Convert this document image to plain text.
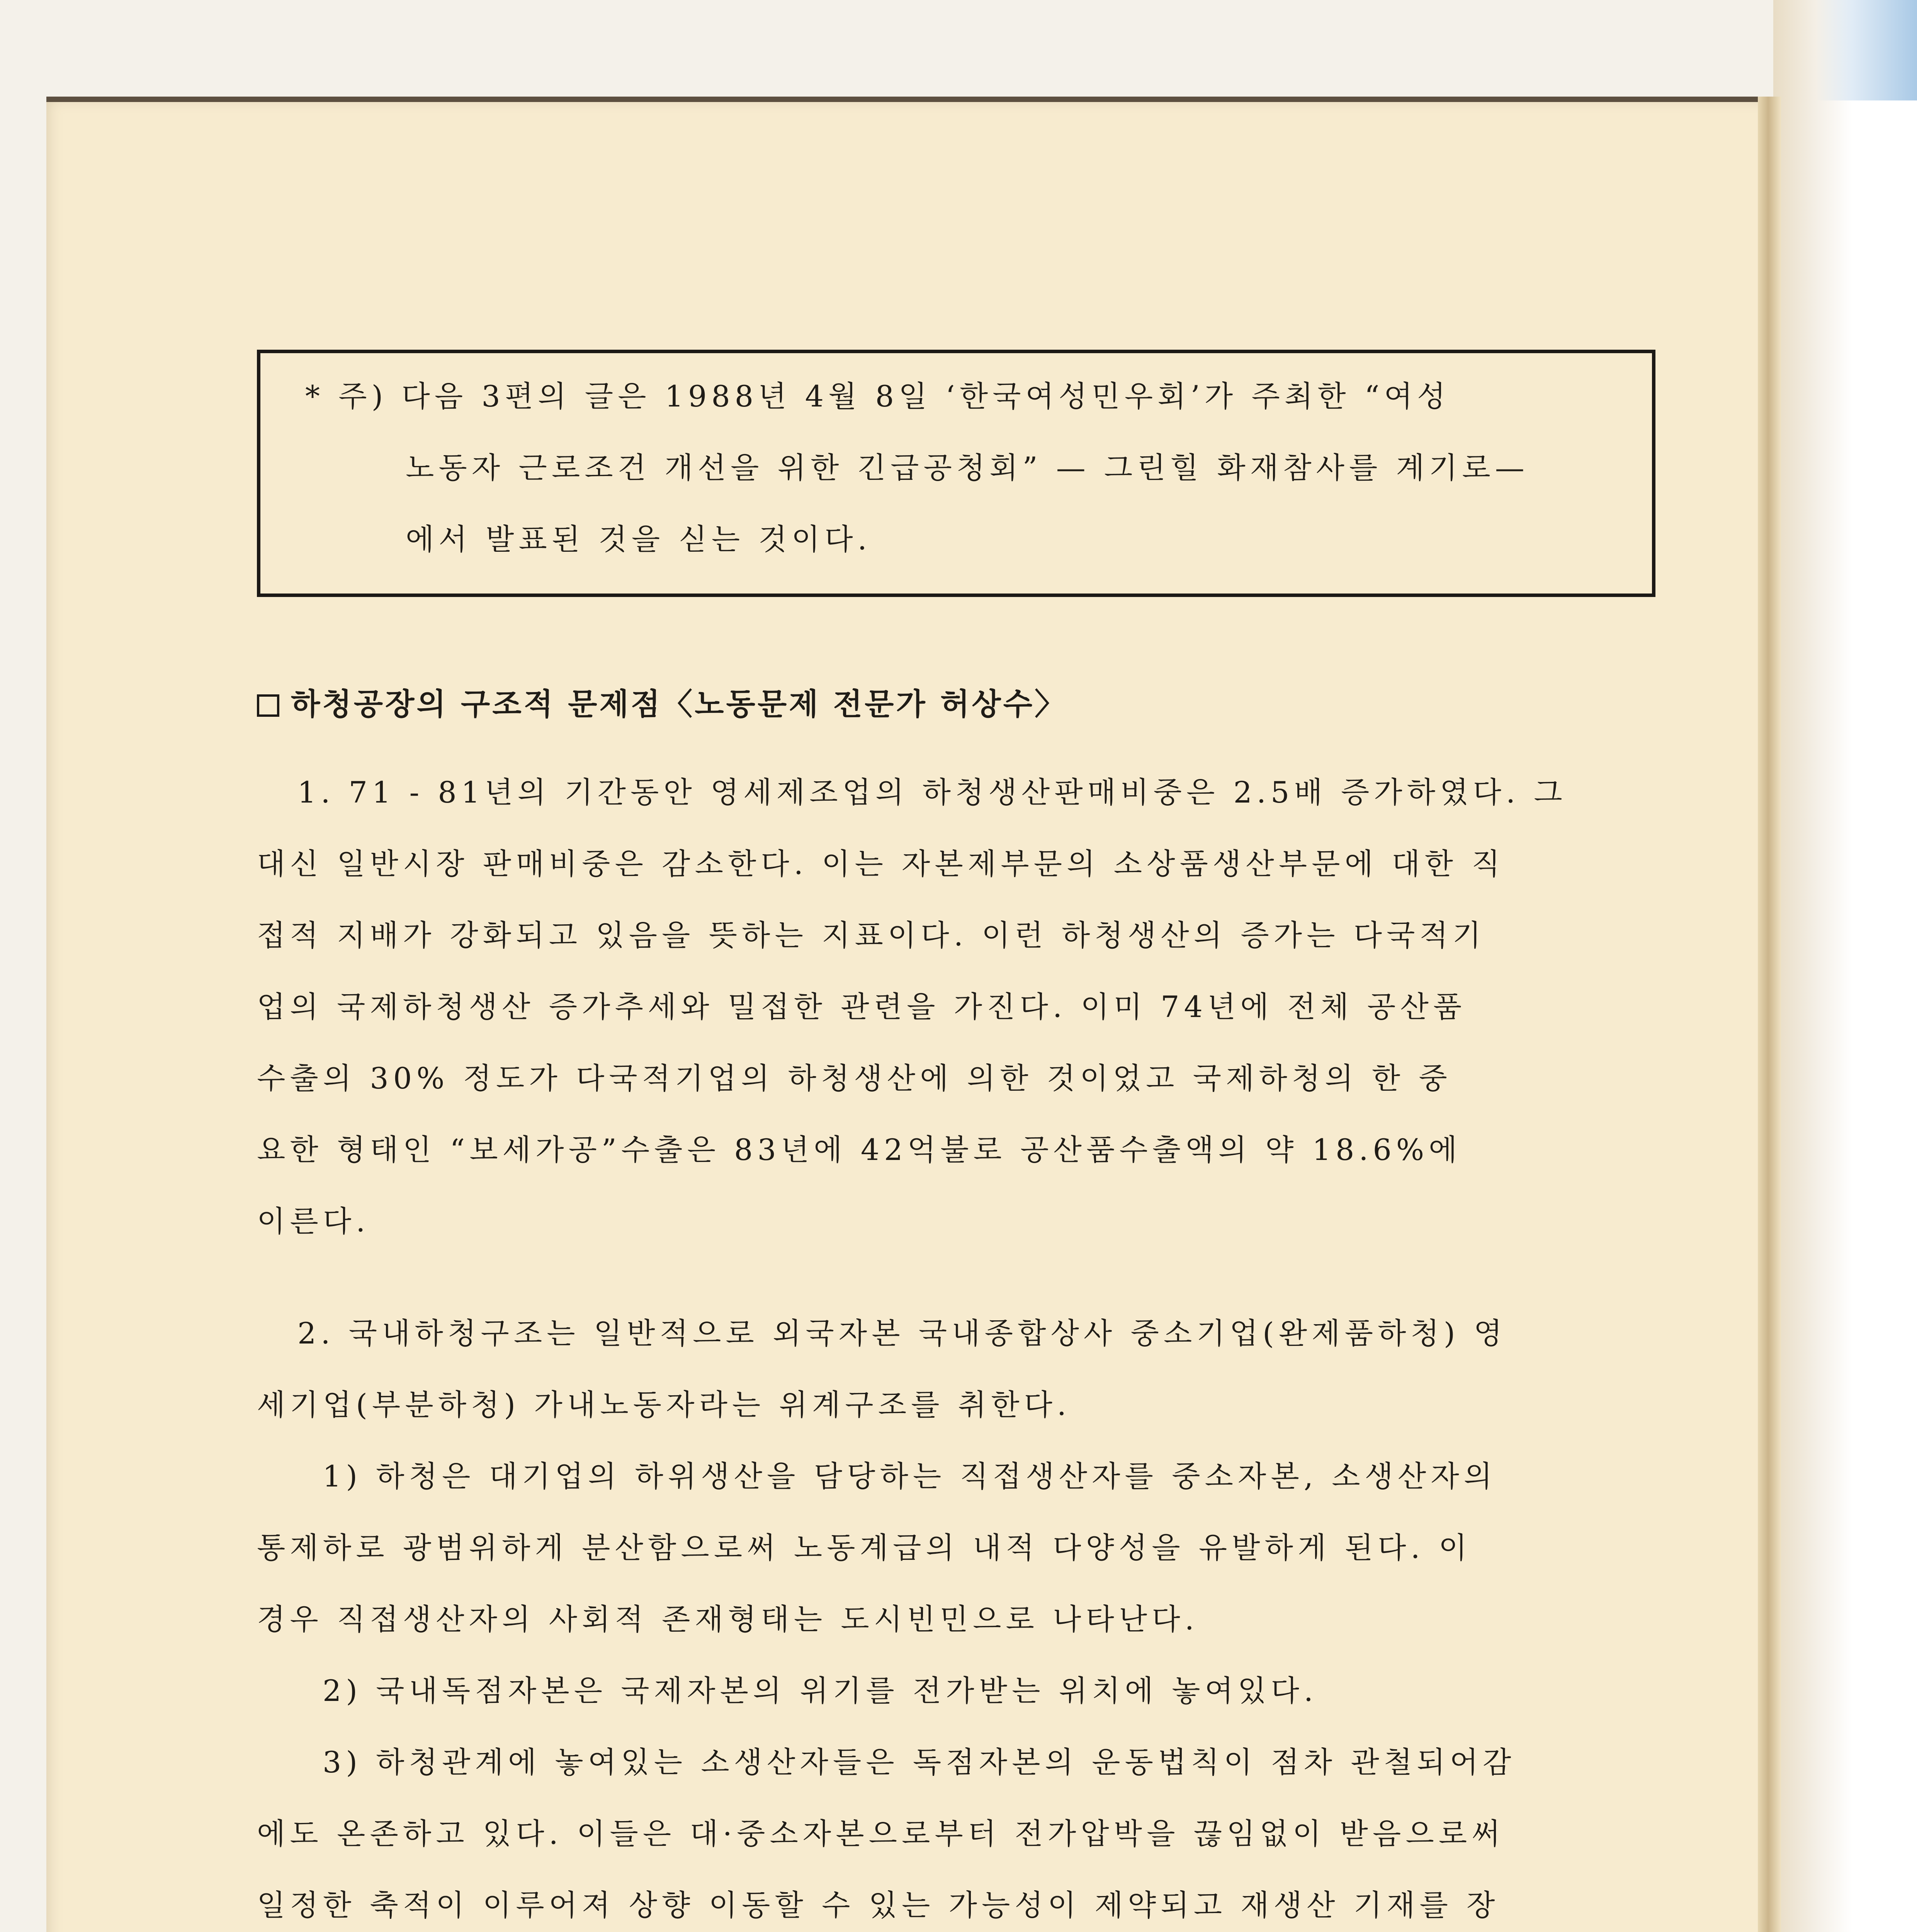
* 주) 다음 3편의 글은 1988년 4월 8일 ‘한국여성민우회’가 주최한 “여성
노동자 근로조건 개선을 위한 긴급공청회” — 그린힐 화재참사를 계기로—
에서 발표된 것을 싣는 것이다.
하청공장의 구조적 문제점〈노동문제 전문가 허상수〉
1. 71 - 81년의 기간동안 영세제조업의 하청생산판매비중은 2.5배 증가하였다. 그
대신 일반시장 판매비중은 감소한다. 이는 자본제부문의 소상품생산부문에 대한 직
접적 지배가 강화되고 있음을 뜻하는 지표이다. 이런 하청생산의 증가는 다국적기
업의 국제하청생산 증가추세와 밀접한 관련을 가진다. 이미 74년에 전체 공산품
수출의 30% 정도가 다국적기업의 하청생산에 의한 것이었고 국제하청의 한 중
요한 형태인 “보세가공”수출은 83년에 42억불로 공산품수출액의 약 18.6%에
이른다.
2. 국내하청구조는 일반적으로 외국자본 국내종합상사 중소기업(완제품하청) 영
세기업(부분하청) 가내노동자라는 위계구조를 취한다.
1) 하청은 대기업의 하위생산을 담당하는 직접생산자를 중소자본, 소생산자의
통제하로 광범위하게 분산함으로써 노동계급의 내적 다양성을 유발하게 된다. 이
경우 직접생산자의 사회적 존재형태는 도시빈민으로 나타난다.
2) 국내독점자본은 국제자본의 위기를 전가받는 위치에 놓여있다.
3) 하청관계에 놓여있는 소생산자들은 독점자본의 운동법칙이 점차 관철되어감
에도 온존하고 있다. 이들은 대·중소자본으로부터 전가압박을 끊임없이 받음으로써
일정한 축적이 이루어져 상향 이동할 수 있는 가능성이 제약되고 재생산 기재를 장
